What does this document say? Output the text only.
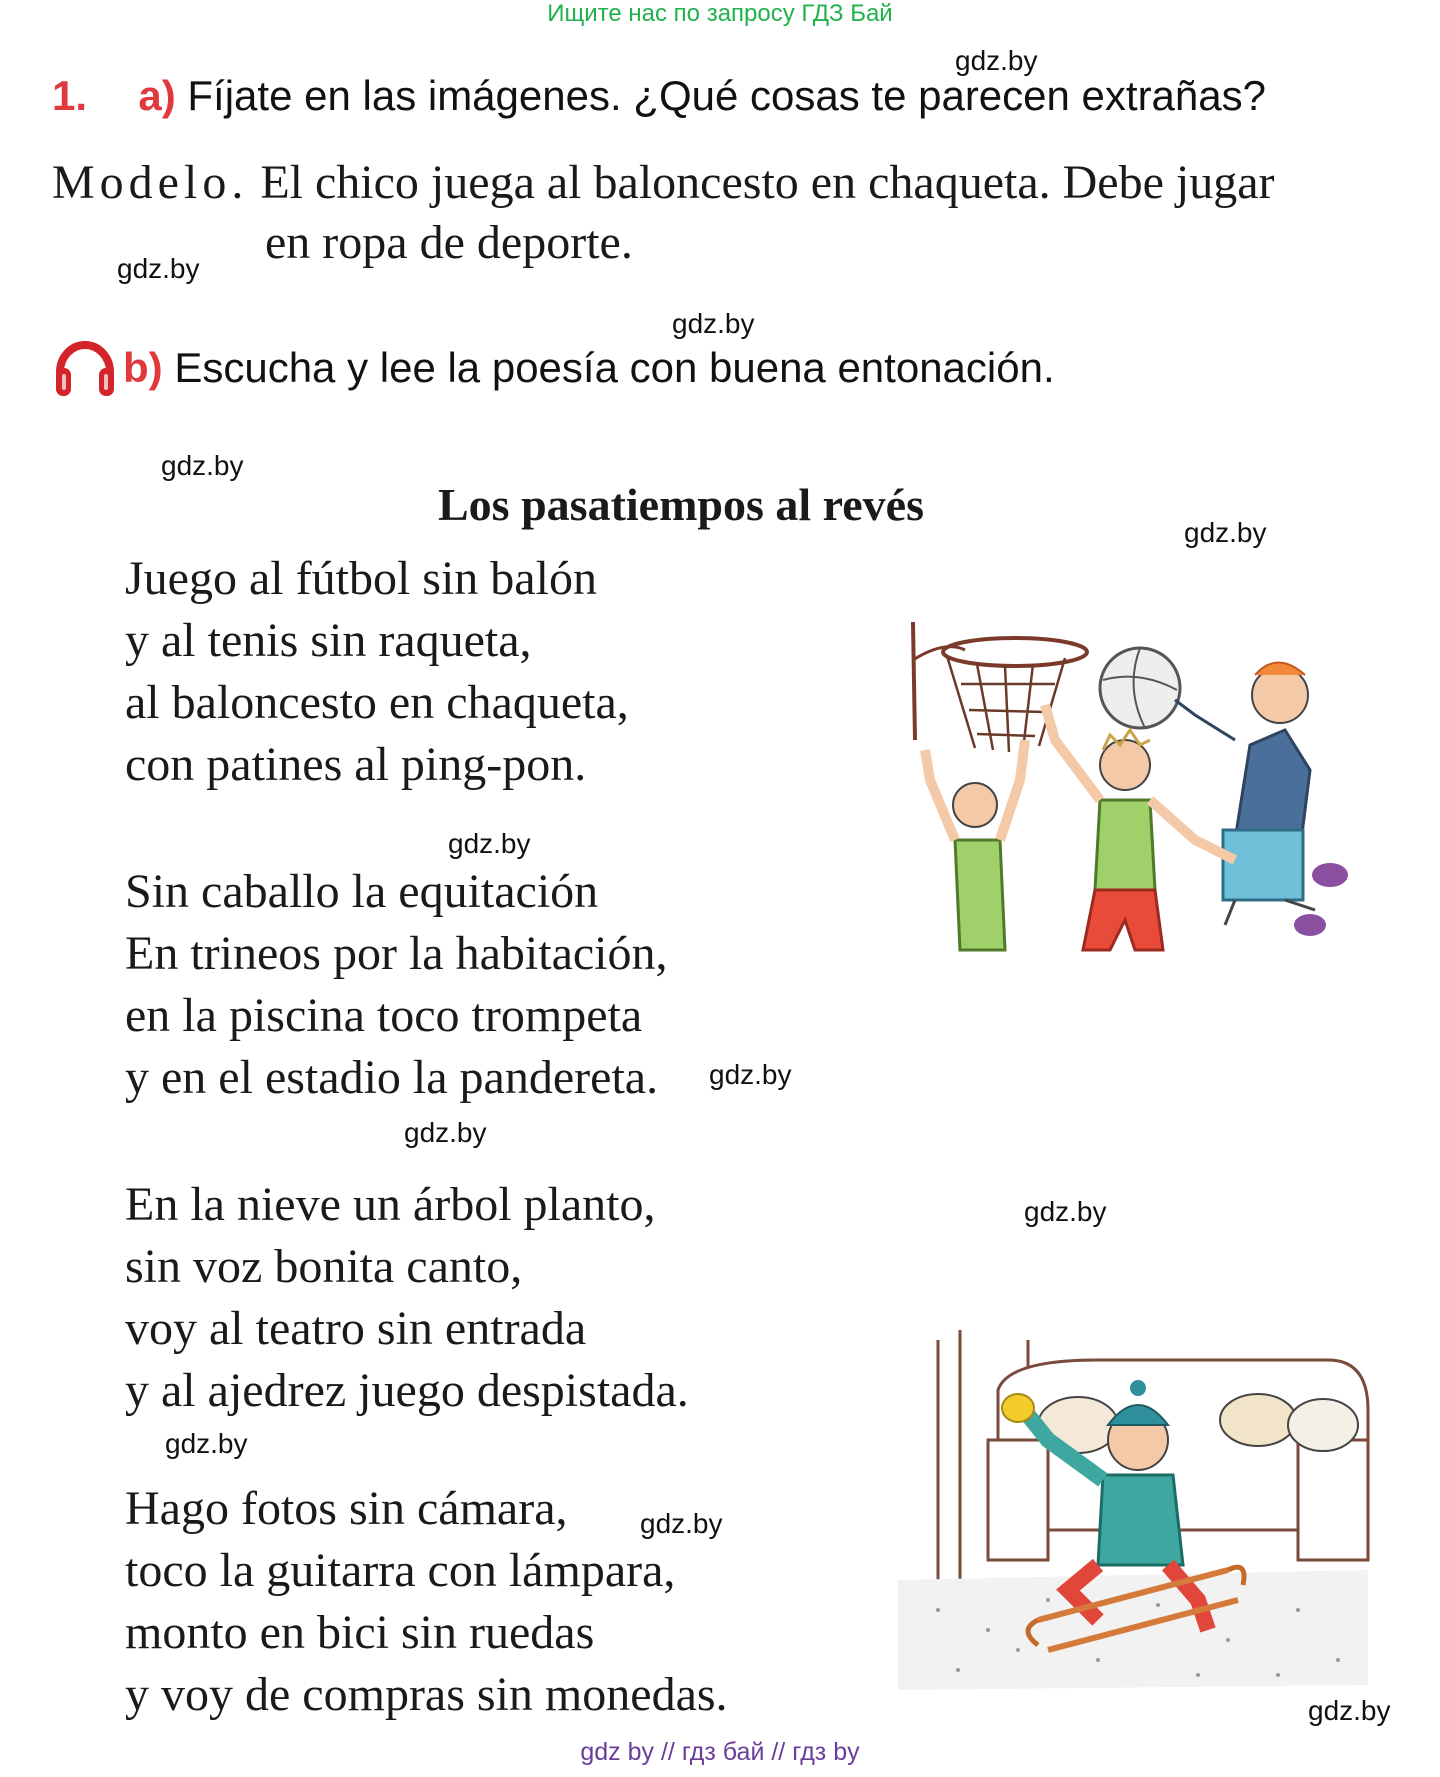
Ищите нас по запросу ГДЗ Бай
gdz.by
gdz.by
gdz.by
gdz.by
gdz.by
gdz.by
gdz.by
gdz.by
gdz.by
gdz.by
gdz.by
gdz.by
1. a) Fíjate en las imágenes. ¿Qué cosas te parecen extrañas?
Modelo. El chico juega al baloncesto en chaqueta. Debe jugar
en ropa de deporte.
b) Escucha y lee la poesía con buena entonación.
Los pasatiempos al revés
Juego al fútbol sin balón
y al tenis sin raqueta,
al baloncesto en chaqueta,
con patines al ping-pon.
Sin caballo la equitación
En trineos por la habitación,
en la piscina toco trompeta
y en el estadio la pandereta.
En la nieve un árbol planto,
sin voz bonita canto,
voy al teatro sin entrada
y al ajedrez juego despistada.
Hago fotos sin cámara,
toco la guitarra con lámpara,
monto en bici sin ruedas
y voy de compras sin monedas.
gdz by // гдз бай // гдз by
